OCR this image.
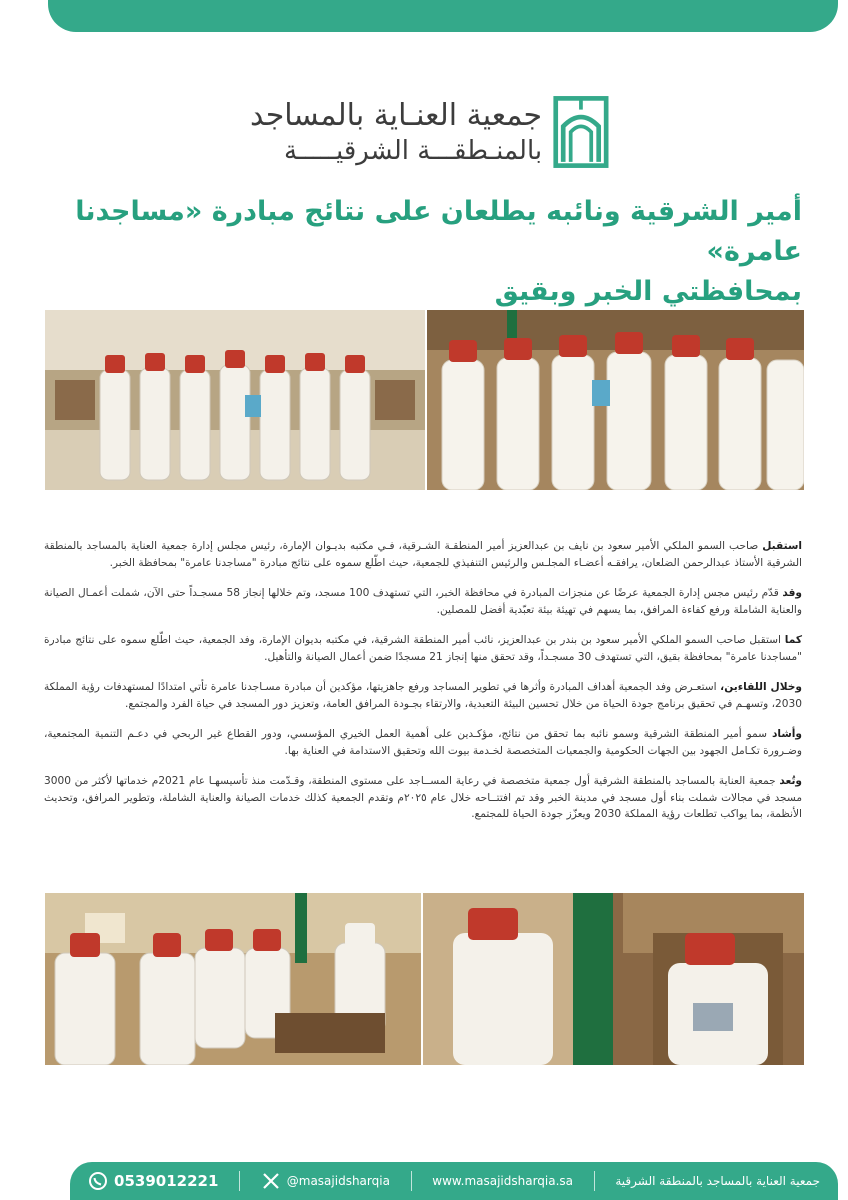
جمعية العنـاية بالمساجد
بالمنـطقـــة الشرقيـــــة
أمير الشرقية ونائبه يطلعان على نتائج مبادرة «مساجدنا عامرة»
بمحافظتي الخبر وبقيق

استقبل صاحب السمو الملكي الأمير سعود بن نايف بن عبدالعزيز أمير المنطقـة الشـرقية، فـي مكتبه بديـوان الإمارة، رئيس مجلس إدارة جمعية العناية بالمساجد بالمنطقة الشرقية الأستاذ عبدالرحمن الضلعان، يرافقـه أعضـاء المجلـس والرئيس التنفيذي للجمعية، حيث اطّلع سموه على نتائج مبادرة "مساجدنا عامرة" بمحافظة الخبر.

وقد قدّم رئيس مجس إدارة الجمعية عرضًا عن منجزات المبادرة في محافظة الخبر، التي تستهدف 100 مسجد، وتم خلالها إنجاز 58 مسجـداً حتى الآن، شملت أعمـال الصيانة والعناية الشاملة ورفع كفاءة المرافق، بما يسهم في تهيئة بيئة تعبّدية أفضل للمصلين.

كما استقبل صاحب السمو الملكي الأمير سعود بن بندر بن عبدالعزيز، نائب أمير المنطقة الشرقية، في مكتبه بديوان الإمارة، وفد الجمعية، حيث اطّلع سموه على نتائج مبادرة "مساجدنا عامرة" بمحافظة بقيق، التي تستهدف 30 مسجـداً، وقد تحقق منها إنجاز 21 مسجدًا ضمن أعمال الصيانة والتأهيل.

وخلال اللقاءين، استعـرض وفد الجمعية أهداف المبادرة وأثرها في تطوير المساجد ورفع جاهزيتها، مؤكدين أن مبادرة مسـاجدنا عامرة تأتي امتدادًا لمستهدفات رؤية المملكة 2030، وتسهـم في تحقيق برنامج جودة الحياة من خلال تحسين البيئة التعبدية، والارتقاء بجـودة المرافق العامة، وتعزيز دور المسجد في حياة الفرد والمجتمع.

وأشاد سمو أمير المنطقة الشرقية وسمو نائبه بما تحقق من نتائج، مؤكـدين على أهمية العمل الخيري المؤسسي، ودور القطاع غير الربحي في دعـم التنمية المجتمعية، وضـرورة تكـامل الجهود بين الجهات الحكومية والجمعيات المتخصصة لخـدمة بيوت الله وتحقيق الاستدامة في العناية بها.

وتُعد جمعية العناية بالمساجد بالمنطقة الشرقية أول جمعية متخصصة في رعاية المســاجد على مستوى المنطقة، وقـدّمت منذ تأسيسهـا عام 2021م خدماتها لأكثر من 3000 مسجد في مجالات شملت بناء أول مسجد في مدينة الخبر وقد تم افتتــاحه خلال عام ٢٠٢٥م وتقدم الجمعية كذلك خدمات الصيانة والعناية الشاملة، وتطوير المرافق، وتحديث الأنظمة، بما يواكب تطلعات رؤية المملكة 2030 ويعزّز جودة الحياة للمجتمع.

جمعية العناية بالمساجد بالمنطقة الشرقية
www.masajidsharqia.sa
@masajidsharqia
0539012221
